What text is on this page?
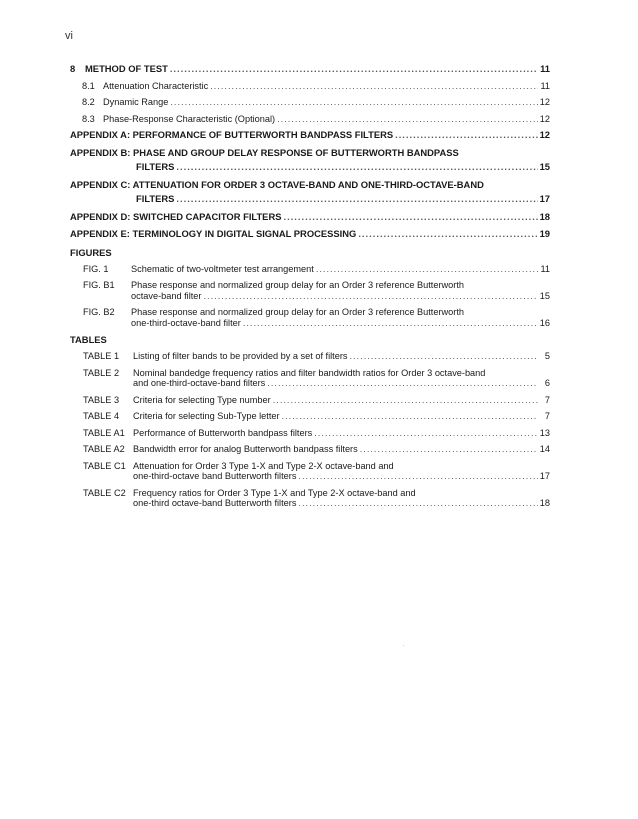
vi
8	METHOD OF TEST .....	11
8.1 Attenuation Characteristic .....	11
8.2 Dynamic Range .....	12
8.3 Phase-Response Characteristic (Optional) .....	12
APPENDIX A: PERFORMANCE OF BUTTERWORTH BANDPASS FILTERS .....	12
APPENDIX B: PHASE AND GROUP DELAY RESPONSE OF BUTTERWORTH BANDPASS
FILTERS .....	15
APPENDIX C: ATTENUATION FOR ORDER 3 OCTAVE-BAND AND ONE-THIRD-OCTAVE-BAND
FILTERS .....	17
APPENDIX D: SWITCHED CAPACITOR FILTERS .....	18
APPENDIX E: TERMINOLOGY IN DIGITAL SIGNAL PROCESSING .....	19
FIGURES
FIG. 1	Schematic of two-voltmeter test arrangement .....	11
FIG. B1	Phase response and normalized group delay for an Order 3 reference Butterworth
octave-band filter .....	15
FIG. B2	Phase response and normalized group delay for an Order 3 reference Butterworth
one-third-octave-band filter .....	16
TABLES
TABLE 1	Listing of filter bands to be provided by a set of filters .....	5
TABLE 2	Nominal bandedge frequency ratios and filter bandwidth ratios for Order 3 octave-band
and one-third-octave-band filters .....	6
TABLE 3	Criteria for selecting Type number .....	7
TABLE 4	Criteria for selecting Sub-Type letter .....	7
TABLE A1 Performance of Butterworth bandpass filters .....	13
TABLE A2 Bandwidth error for analog Butterworth bandpass filters .....	14
TABLE C1 Attenuation for Order 3 Type 1-X and Type 2-X octave-band and
one-third-octave band Butterworth filters .....	17
TABLE C2 Frequency ratios for Order 3 Type 1-X and Type 2-X octave-band and
one-third octave-band Butterworth filters .....	18
·
